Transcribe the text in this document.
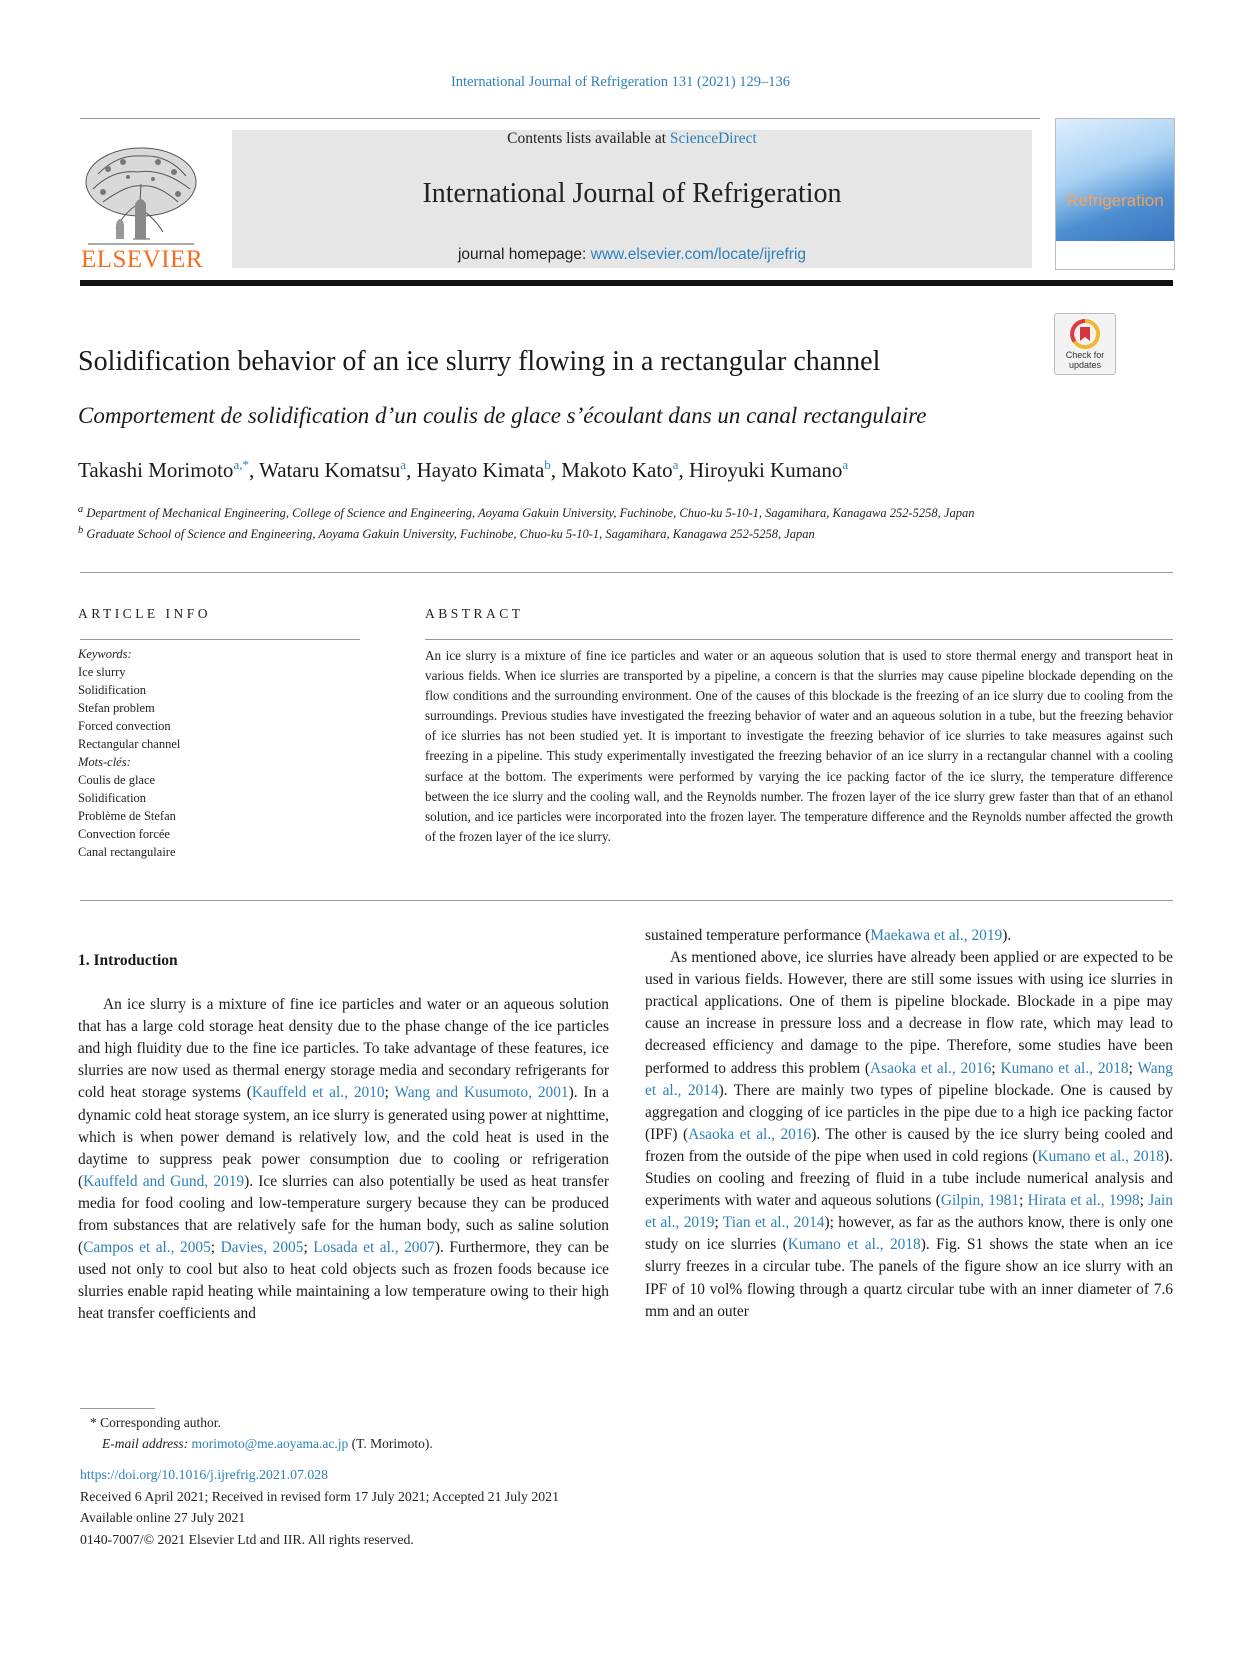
International Journal of Refrigeration 131 (2021) 129–136
ELSEVIER
Contents lists available at ScienceDirect
International Journal of Refrigeration
journal homepage: www.elsevier.com/locate/ijrefrig
Refrigeration
Check for updates
Solidification behavior of an ice slurry flowing in a rectangular channel
Comportement de solidification d’un coulis de glace s’écoulant dans un canal rectangulaire
Takashi Morimoto$^{a,*}$, Wataru Komatsu$^a$, Hayato Kimata$^b$, Makoto Kato$^a$, Hiroyuki Kumano$^a$

$^a$ Department of Mechanical Engineering, College of Science and Engineering, Aoyama Gakuin University, Fuchinobe, Chuo-ku 5-10-1, Sagamihara, Kanagawa 252-5258, Japan

$^b$ Graduate School of Science and Engineering, Aoyama Gakuin University, Fuchinobe, Chuo-ku 5-10-1, Sagamihara, Kanagawa 252-5258, Japan

ARTICLE INFO
Keywords:
Ice slurry
Solidification
Stefan problem
Forced convection
Rectangular channel
Mots-clés:
Coulis de glace
Solidification
Problème de Stefan
Convection forcée
Canal rectangulaire
ABSTRACT
An ice slurry is a mixture of fine ice particles and water or an aqueous solution that is used to store thermal energy and transport heat in various fields. When ice slurries are transported by a pipeline, a concern is that the slurries may cause pipeline blockade depending on the flow conditions and the surrounding environment. One of the causes of this blockade is the freezing of an ice slurry due to cooling from the surroundings. Previous studies have investigated the freezing behavior of water and an aqueous solution in a tube, but the freezing behavior of ice slurries has not been studied yet. It is important to investigate the freezing behavior of ice slurries to take measures against such freezing in a pipeline. This study experimentally investigated the freezing behavior of an ice slurry in a rectangular channel with a cooling surface at the bottom. The experiments were performed by varying the ice packing factor of the ice slurry, the temperature difference between the ice slurry and the cooling wall, and the Reynolds number. The frozen layer of the ice slurry grew faster than that of an ethanol solution, and ice particles were incorporated into the frozen layer. The temperature difference and the Reynolds number affected the growth of the frozen layer of the ice slurry.
1. Introduction

An ice slurry is a mixture of fine ice particles and water or an aqueous solution that has a large cold storage heat density due to the phase change of the ice particles and high fluidity due to the fine ice particles. To take advantage of these features, ice slurries are now used as thermal energy storage media and secondary refrigerants for cold heat storage systems (Kauffeld et al., 2010; Wang and Kusumoto, 2001). In a dynamic cold heat storage system, an ice slurry is generated using power at nighttime, which is when power demand is relatively low, and the cold heat is used in the daytime to suppress peak power consumption due to cooling or refrigeration (Kauffeld and Gund, 2019). Ice slurries can also potentially be used as heat transfer media for food cooling and low-temperature surgery because they can be produced from substances that are relatively safe for the human body, such as saline solution (Campos et al., 2005; Davies, 2005; Losada et al., 2007). Furthermore, they can be used not only to cool but also to heat cold objects such as frozen foods because ice slurries enable rapid heating while maintaining a low temperature owing to their high heat transfer coefficients and

sustained temperature performance (Maekawa et al., 2019).

As mentioned above, ice slurries have already been applied or are expected to be used in various fields. However, there are still some issues with using ice slurries in practical applications. One of them is pipeline blockade. Blockade in a pipe may cause an increase in pressure loss and a decrease in flow rate, which may lead to decreased efficiency and damage to the pipe. Therefore, some studies have been performed to address this problem (Asaoka et al., 2016; Kumano et al., 2018; Wang et al., 2014). There are mainly two types of pipeline blockade. One is caused by aggregation and clogging of ice particles in the pipe due to a high ice packing factor (IPF) (Asaoka et al., 2016). The other is caused by the ice slurry being cooled and frozen from the outside of the pipe when used in cold regions (Kumano et al., 2018). Studies on cooling and freezing of fluid in a tube include numerical analysis and experiments with water and aqueous solutions (Gilpin, 1981; Hirata et al., 1998; Jain et al., 2019; Tian et al., 2014); however, as far as the authors know, there is only one study on ice slurries (Kumano et al., 2018). Fig. S1 shows the state when an ice slurry freezes in a circular tube. The panels of the figure show an ice slurry with an IPF of 10 vol% flowing through a quartz circular tube with an inner diameter of 7.6 mm and an outer

* Corresponding author.

E-mail address: morimoto@me.aoyama.ac.jp (T. Morimoto).

https://doi.org/10.1016/j.ijrefrig.2021.07.028

Received 6 April 2021; Received in revised form 17 July 2021; Accepted 21 July 2021

Available online 27 July 2021

0140-7007/© 2021 Elsevier Ltd and IIR. All rights reserved.
